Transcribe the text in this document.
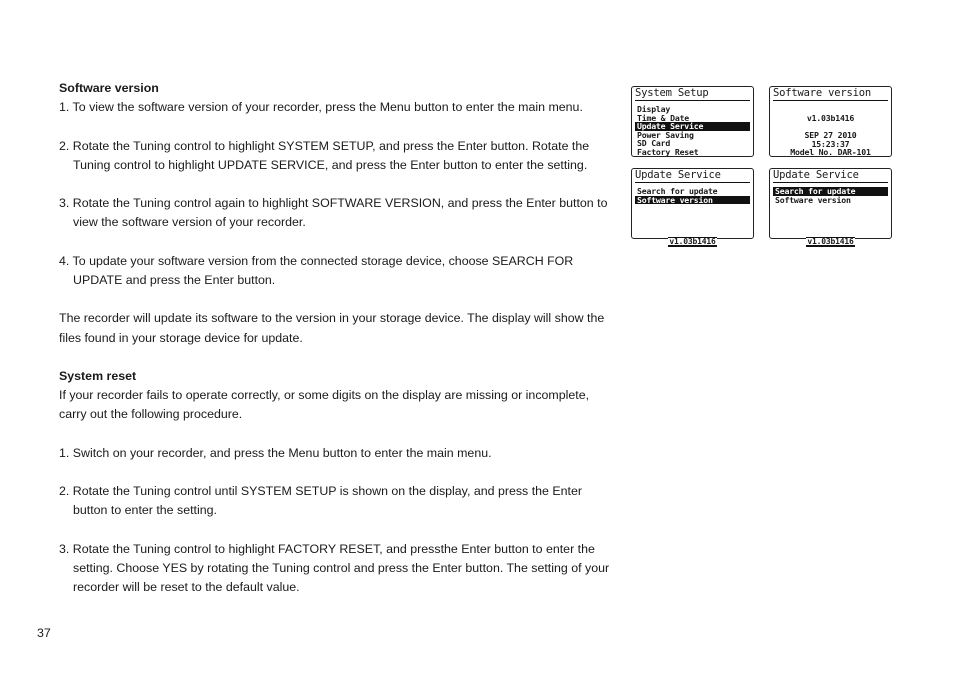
Software version

1. To view the software version of your recorder, press the Menu button to enter the main menu.

2. Rotate the Tuning control to highlight SYSTEM SETUP, and press the Enter button. Rotate the Tuning control to highlight UPDATE SERVICE, and press the Enter button to enter the setting.

3. Rotate the Tuning control again to highlight SOFTWARE VERSION, and press the Enter button to view the software version of your recorder.

4. To update your software version from the connected storage device, choose SEARCH FOR UPDATE and press the Enter button.

The recorder will update its software to the version in your storage device. The display will show the files found in your storage device for update.

System reset

If your recorder fails to operate correctly, or some digits on the display are missing or incomplete, carry out the following procedure.

1. Switch on your recorder, and press the Menu button to enter the main menu.

2. Rotate the Tuning control until SYSTEM SETUP is shown on the display, and press the Enter button to enter the setting.

3. Rotate the Tuning control to highlight FACTORY RESET, and pressthe Enter button to enter the setting. Choose YES by rotating the Tuning control and press the Enter button. The setting of your recorder will be reset to the default value.

37
System Setup
Display
Time & Date
Update Service
Power Saving
SD Card
Factory Reset
Software version
v1.03b1416
SEP 27 2010
15:23:37
Model No. DAR-101
Update Service
Search for update
Software version
v1.03b1416
Update Service
Search for update
Software version
v1.03b1416
